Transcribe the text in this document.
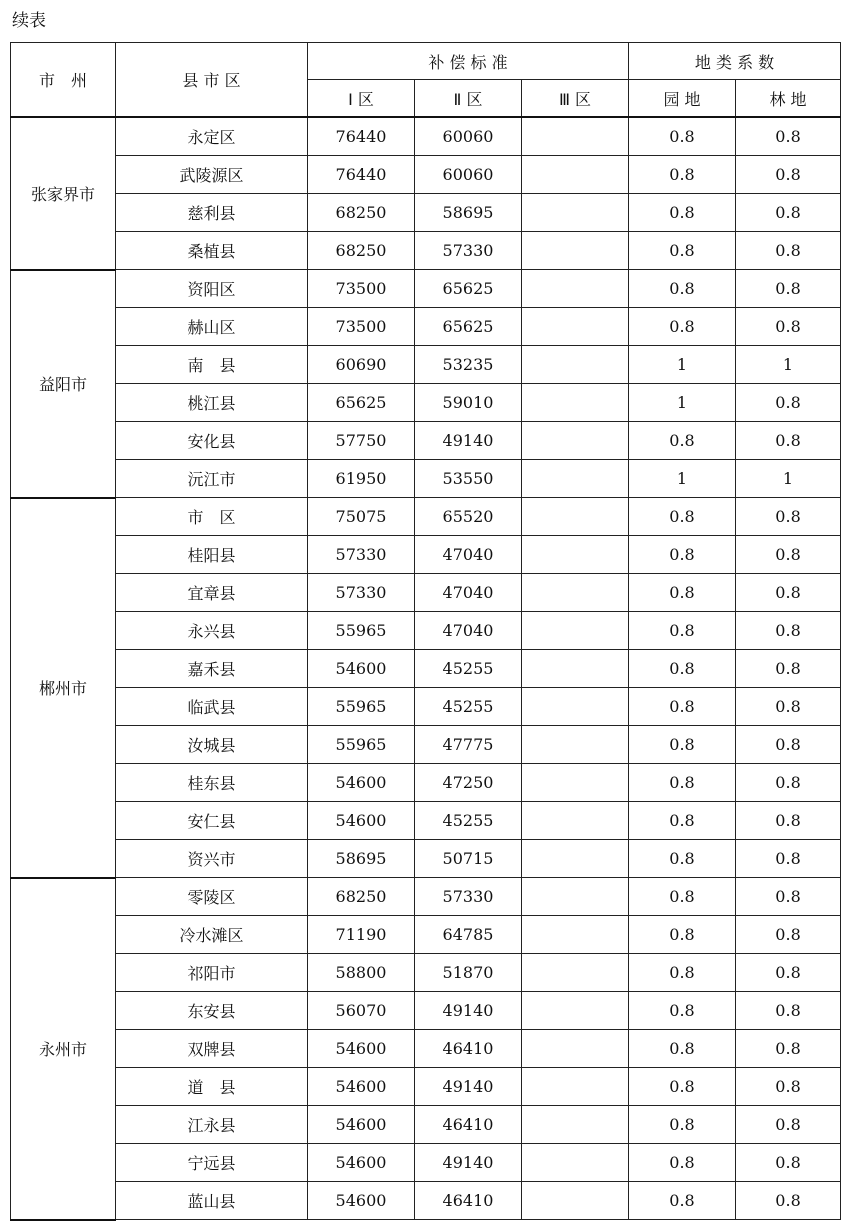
续表
市　州	县 市 区	补 偿 标 准			地 类 系 数	
		Ⅰ 区	Ⅱ 区	Ⅲ 区	园 地	林 地
张家界市	永定区	76440	60060		0.8	0.8
	武陵源区	76440	60060		0.8	0.8
	慈利县	68250	58695		0.8	0.8
	桑植县	68250	57330		0.8	0.8
益阳市	资阳区	73500	65625		0.8	0.8
	赫山区	73500	65625		0.8	0.8
	南　县	60690	53235		1	1
	桃江县	65625	59010		1	0.8
	安化县	57750	49140		0.8	0.8
	沅江市	61950	53550		1	1
郴州市	市　区	75075	65520		0.8	0.8
	桂阳县	57330	47040		0.8	0.8
	宜章县	57330	47040		0.8	0.8
	永兴县	55965	47040		0.8	0.8
	嘉禾县	54600	45255		0.8	0.8
	临武县	55965	45255		0.8	0.8
	汝城县	55965	47775		0.8	0.8
	桂东县	54600	47250		0.8	0.8
	安仁县	54600	45255		0.8	0.8
	资兴市	58695	50715		0.8	0.8
永州市	零陵区	68250	57330		0.8	0.8
	冷水滩区	71190	64785		0.8	0.8
	祁阳市	58800	51870		0.8	0.8
	东安县	56070	49140		0.8	0.8
	双牌县	54600	46410		0.8	0.8
	道　县	54600	49140		0.8	0.8
	江永县	54600	46410		0.8	0.8
	宁远县	54600	49140		0.8	0.8
	蓝山县	54600	46410		0.8	0.8
